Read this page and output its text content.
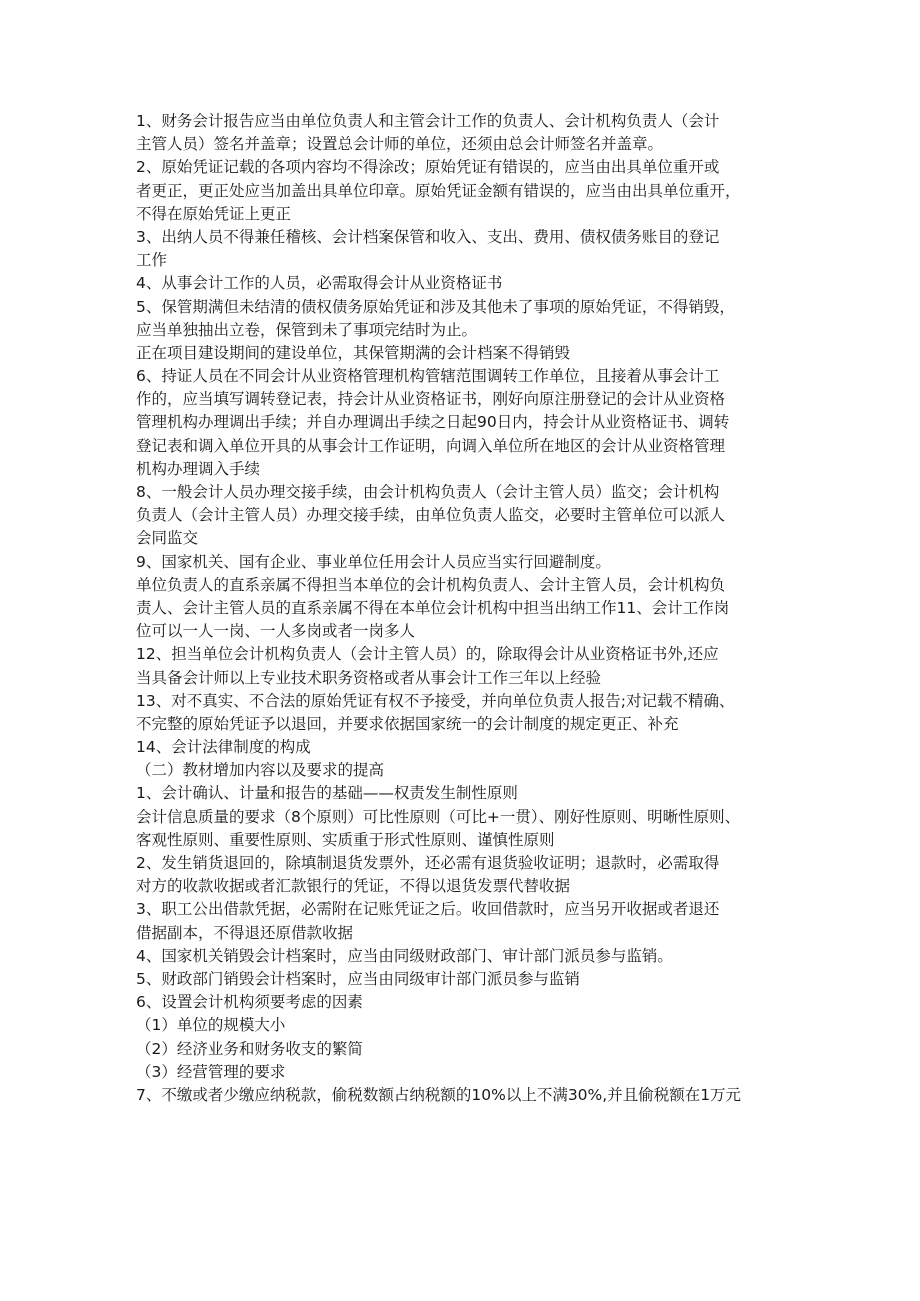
1、财务会计报告应当由单位负责人和主管会计工作的负责人、会计机构负责人（会计
主管人员）签名并盖章；设置总会计师的单位，还须由总会计师签名并盖章。
2、原始凭证记载的各项内容均不得涂改；原始凭证有错误的，应当由出具单位重开或
者更正，更正处应当加盖出具单位印章。原始凭证金额有错误的，应当由出具单位重开，
不得在原始凭证上更正
3、出纳人员不得兼任稽核、会计档案保管和收入、支出、费用、债权债务账目的登记
工作
4、从事会计工作的人员，必需取得会计从业资格证书
5、保管期满但未结清的债权债务原始凭证和涉及其他未了事项的原始凭证，不得销毁，
应当单独抽出立卷，保管到未了事项完结时为止。
正在项目建设期间的建设单位，其保管期满的会计档案不得销毁
6、持证人员在不同会计从业资格管理机构管辖范围调转工作单位，且接着从事会计工
作的，应当填写调转登记表，持会计从业资格证书，刚好向原注册登记的会计从业资格
管理机构办理调出手续；并自办理调出手续之日起90日内，持会计从业资格证书、调转
登记表和调入单位开具的从事会计工作证明，向调入单位所在地区的会计从业资格管理
机构办理调入手续
8、一般会计人员办理交接手续，由会计机构负责人（会计主管人员）监交；会计机构
负责人（会计主管人员）办理交接手续，由单位负责人监交，必要时主管单位可以派人
会同监交
9、国家机关、国有企业、事业单位任用会计人员应当实行回避制度。
单位负责人的直系亲属不得担当本单位的会计机构负责人、会计主管人员，会计机构负
责人、会计主管人员的直系亲属不得在本单位会计机构中担当出纳工作11、会计工作岗
位可以一人一岗、一人多岗或者一岗多人
12、担当单位会计机构负责人（会计主管人员）的，除取得会计从业资格证书外,还应
当具备会计师以上专业技术职务资格或者从事会计工作三年以上经验
13、对不真实、不合法的原始凭证有权不予接受，并向单位负责人报告;对记载不精确、
不完整的原始凭证予以退回，并要求依据国家统一的会计制度的规定更正、补充
14、会计法律制度的构成
（二）教材增加内容以及要求的提高
1、会计确认、计量和报告的基础——权责发生制性原则
会计信息质量的要求（8个原则）可比性原则（可比+一贯）、刚好性原则、明晰性原则、
客观性原则、重要性原则、实质重于形式性原则、谨慎性原则
2、发生销货退回的，除填制退货发票外，还必需有退货验收证明；退款时，必需取得
对方的收款收据或者汇款银行的凭证，不得以退货发票代替收据
3、职工公出借款凭据，必需附在记账凭证之后。收回借款时，应当另开收据或者退还
借据副本，不得退还原借款收据
4、国家机关销毁会计档案时，应当由同级财政部门、审计部门派员参与监销。
5、财政部门销毁会计档案时，应当由同级审计部门派员参与监销
6、设置会计机构须要考虑的因素
（1）单位的规模大小
（2）经济业务和财务收支的繁简
（3）经营管理的要求
7、不缴或者少缴应纳税款，偷税数额占纳税额的10%以上不满30%,并且偷税额在1万元
